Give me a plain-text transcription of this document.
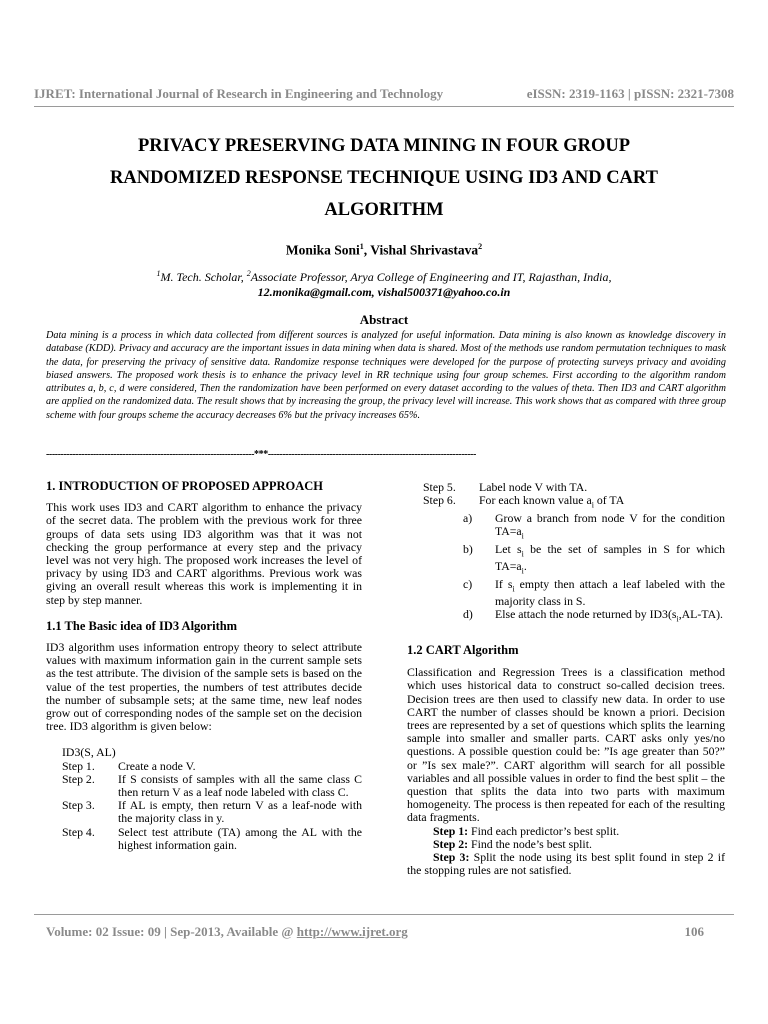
IJRET: International Journal of Research in Engineering and Technology	eISSN: 2319-1163 | pISSN: 2321-7308
PRIVACY PRESERVING DATA MINING IN FOUR GROUP
RANDOMIZED RESPONSE TECHNIQUE USING ID3 AND CART
ALGORITHM
Monika Soni$^1$, Vishal Shrivastava$^2$
$^1$M. Tech. Scholar, $^2$Associate Professor, Arya College of Engineering and IT, Rajasthan, India,
12.monika@gmail.com, vishal500371@yahoo.co.in
Abstract
Data mining is a process in which data collected from different sources is analyzed for useful information. Data mining is also known as knowledge discovery in database (KDD). Privacy and accuracy are the important issues in data mining when data is shared. Most of the methods use random permutation techniques to mask the data, for preserving the privacy of sensitive data. Randomize response techniques were developed for the purpose of protecting surveys privacy and avoiding biased answers. The proposed work thesis is to enhance the privacy level in RR technique using four group schemes. First according to the algorithm random attributes a, b, c, d were considered, Then the randomization have been performed on every dataset according to the values of theta. Then ID3 and CART algorithm are applied on the randomized data. The result shows that by increasing the group, the privacy level will increase. This work shows that as compared with three group scheme with four groups scheme the accuracy decreases 6% but the privacy increases 65%.
-----------------------------------------------------------------------***-----------------------------------------------------------------------
1. INTRODUCTION OF PROPOSED APPROACH

This work uses ID3 and CART algorithm to enhance the privacy of the secret data. The problem with the previous work for three groups of data sets using ID3 algorithm was that it was not checking the group performance at every step and the privacy level was not very high. The proposed work increases the level of privacy by using ID3 and CART algorithms. Previous work was giving an overall result whereas this work is implementing it in step by step manner.

1.1 The Basic idea of ID3 Algorithm

ID3 algorithm uses information entropy theory to select attribute values with maximum information gain in the current sample sets as the test attribute. The division of the sample sets is based on the value of the test properties, the numbers of test attributes decide the number of subsample sets; at the same time, new leaf nodes grow out of corresponding nodes of the sample set on the decision tree. ID3 algorithm is given below:

ID3(S, AL)
Step 1.	Create a node V.
Step 2.	If S consists of samples with all the same class C then return V as a leaf node labeled with class C.
Step 3.	If AL is empty, then return V as a leaf-node with the majority class in y.
Step 4.	Select test attribute (TA) among the AL with the highest information gain.
Step 5.	Label node V with TA.
Step 6.	For each known value $a_i$ of TA
a)	Grow a branch from node V for the condition $TA=a_i$
b)	Let $s_i$ be the set of samples in S for which $TA=a_i$.
c)	If $s_i$ empty then attach a leaf labeled with the majority class in S.
d)	Else attach the node returned by $ID3(s_i,AL-TA)$.
1.2 CART Algorithm

Classification and Regression Trees is a classification method which uses historical data to construct so-called decision trees. Decision trees are then used to classify new data. In order to use CART the number of classes should be known a priori. Decision trees are represented by a set of questions which splits the learning sample into smaller and smaller parts. CART asks only yes/no questions. A possible question could be: ”Is age greater than 50?” or ”Is sex male?”. CART algorithm will search for all possible variables and all possible values in order to find the best split – the question that splits the data into two parts with maximum homogeneity. The process is then repeated for each of the resulting data fragments.

Step 1: Find each predictor’s best split.
Step 2: Find the node’s best split.

Step 3: Split the node using its best split found in step 2 if the stopping rules are not satisfied.

Volume: 02 Issue: 09 | Sep-2013, Available @ http://www.ijret.org	106
